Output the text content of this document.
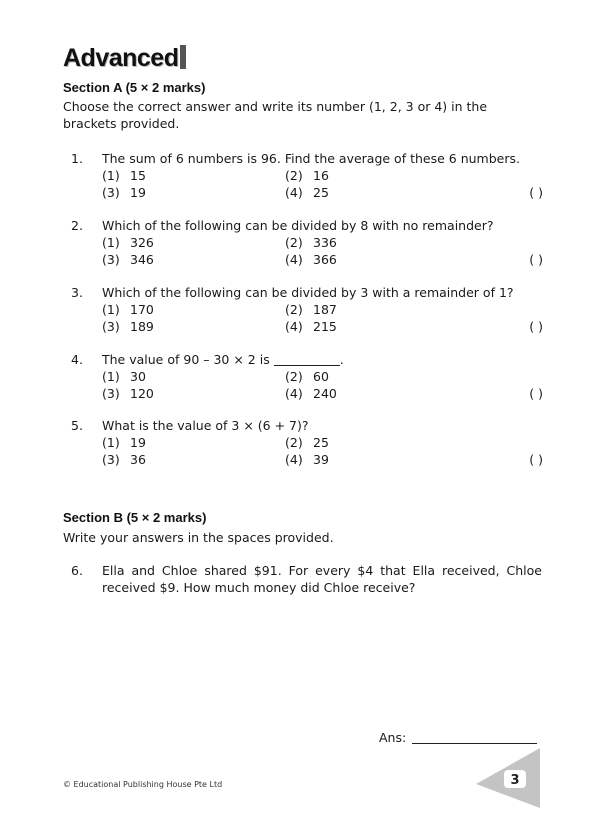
Advanced
Section A (5 × 2 marks)
Choose the correct answer and write its number (1, 2, 3 or 4) in the brackets provided.
1. The sum of 6 numbers is 96. Find the average of these 6 numbers.
(1) 15	(2) 16
(3) 19	(4) 25	( )
2. Which of the following can be divided by 8 with no remainder?
(1) 326	(2) 336
(3) 346	(4) 366	( )
3. Which of the following can be divided by 3 with a remainder of 1?
(1) 170	(2) 187
(3) 189	(4) 215	( )
4. The value of 90 – 30 × 2 is	.
(1) 30	(2) 60
(3) 120	(4) 240	( )
5. What is the value of 3 × (6 + 7)?
(1) 19	(2) 25
(3) 36	(4) 39	( )
Section B (5 × 2 marks)
Write your answers in the spaces provided.
6. Ella and Chloe shared $91. For every $4 that Ella received, Chloe received $9. How much money did Chloe receive?
Ans:
© Educational Publishing House Pte Ltd	3
